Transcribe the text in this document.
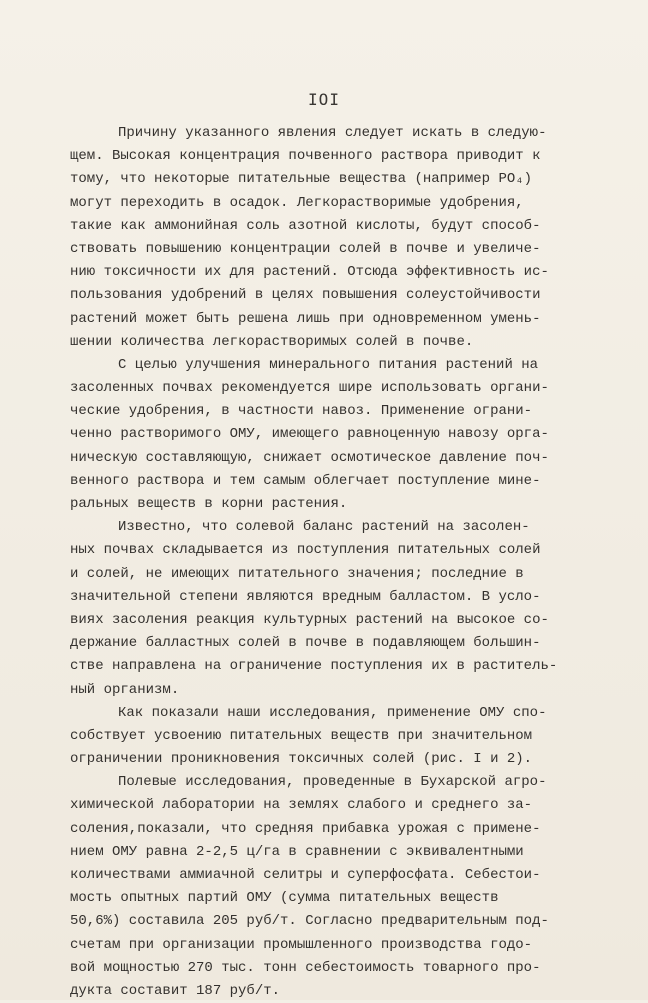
IOI
Причину указанного явления следует искать в следую-
щем. Высокая концентрация почвенного раствора приводит к
тому, что некоторые питательные вещества (например PO₄)
могут переходить в осадок. Легкорастворимые удобрения,
такие как аммонийная соль азотной кислоты, будут способ-
ствовать повышению концентрации солей в почве и увеличе-
нию токсичности их для растений. Отсюда эффективность ис-
пользования удобрений в целях повышения солеустойчивости
растений может быть решена лишь при одновременном умень-
шении количества легкорастворимых солей в почве.
С целью улучшения минерального питания растений на
засоленных почвах рекомендуется шире использовать органи-
ческие удобрения, в частности навоз. Применение ограни-
ченно растворимого ОМУ, имеющего равноценную навозу орга-
ническую составляющую, снижает осмотическое давление поч-
венного раствора и тем самым облегчает поступление мине-
ральных веществ в корни растения.
Известно, что солевой баланс растений на засолен-
ных почвах складывается из поступления питательных солей
и солей, не имеющих питательного значения; последние в
значительной степени являются вредным балластом. В усло-
виях засоления реакция культурных растений на высокое со-
держание балластных солей в почве в подавляющем большин-
стве направлена на ограничение поступления их в раститель-
ный организм.
Как показали наши исследования, применение ОМУ спо-
собствует усвоению питательных веществ при значительном
ограничении проникновения токсичных солей (рис. I и 2).
Полевые исследования, проведенные в Бухарской агро-
химической лаборатории на землях слабого и среднего за-
соления,показали, что средняя прибавка урожая с примене-
нием ОМУ равна 2-2,5 ц/га в сравнении с эквивалентными
количествами аммиачной селитры и суперфосфата. Себестои-
мость опытных партий ОМУ (сумма питательных веществ
50,6%) составила 205 руб/т. Согласно предварительным под-
счетам при организации промышленного производства годо-
вой мощностью 270 тыс. тонн себестоимость товарного про-
дукта составит 187 руб/т.
